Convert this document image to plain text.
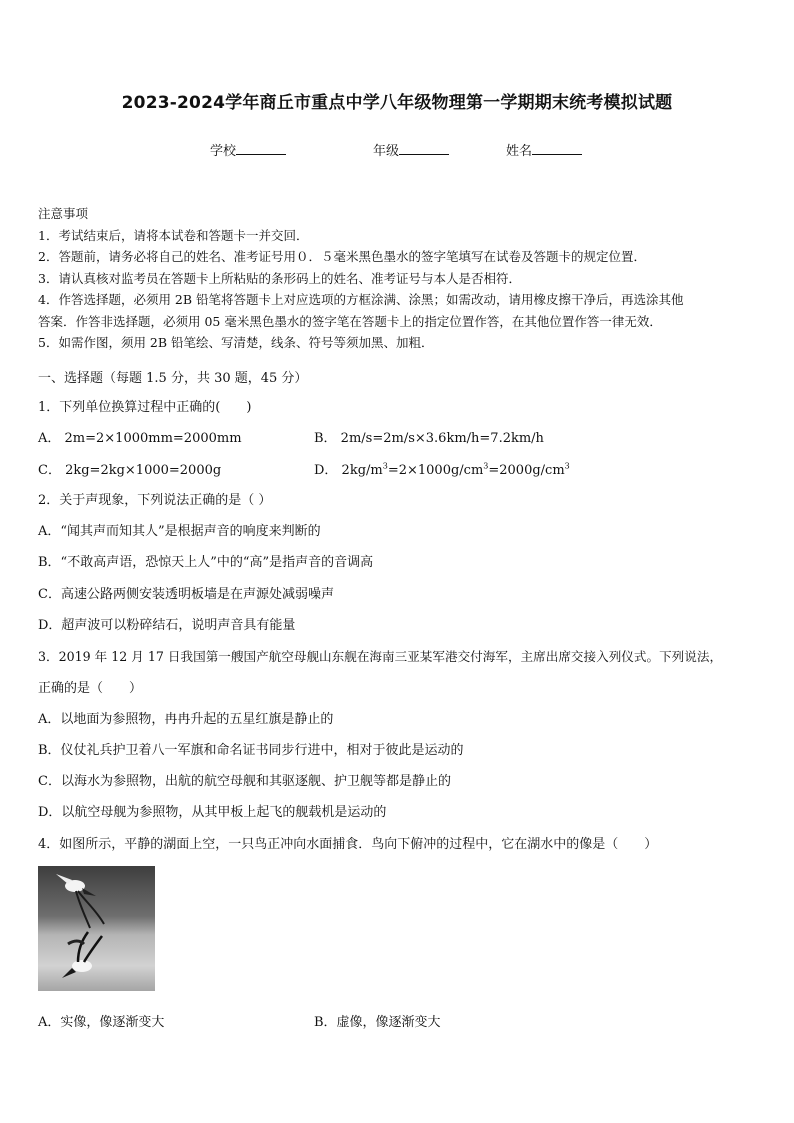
2023-2024学年商丘市重点中学八年级物理第一学期期末统考模拟试题
学校	年级	姓名
注意事项
1．考试结束后，请将本试卷和答题卡一并交回．
2．答题前，请务必将自己的姓名、准考证号用０．５毫米黑色墨水的签字笔填写在试卷及答题卡的规定位置．
3．请认真核对监考员在答题卡上所粘贴的条形码上的姓名、准考证号与本人是否相符．
4．作答选择题，必须用 2B 铅笔将答题卡上对应选项的方框涂满、涂黑；如需改动，请用橡皮擦干净后，再选涂其他
答案．作答非选择题，必须用 05 毫米黑色墨水的签字笔在答题卡上的指定位置作答，在其他位置作答一律无效．
5．如需作图，须用 2B 铅笔绘、写清楚，线条、符号等须加黑、加粗．
一、选择题（每题 1.5 分，共 30 题，45 分）
1．下列单位换算过程中正确的(　　)
A． 2m=2×1000mm=2000mm	B． 2m/s=2m/s×3.6km/h=7.2km/h
C． 2kg=2kg×1000=2000g	D． $2kg/m^3=2\times 1000g/cm^3=2000g/cm^3$
2．关于声现象，下列说法正确的是（ ）
A．“闻其声而知其人”是根据声音的响度来判断的
B．“不敢高声语，恐惊天上人”中的“高”是指声音的音调高
C．高速公路两侧安装透明板墙是在声源处减弱噪声
D．超声波可以粉碎结石，说明声音具有能量
3．2019 年 12 月 17 日我国第一艘国产航空母舰山东舰在海南三亚某军港交付海军，主席出席交接入列仪式。下列说法，
正确的是（　　）
A．以地面为参照物，冉冉升起的五星红旗是静止的
B．仪仗礼兵护卫着八一军旗和命名证书同步行进中，相对于彼此是运动的
C．以海水为参照物，出航的航空母舰和其驱逐舰、护卫舰等都是静止的
D．以航空母舰为参照物，从其甲板上起飞的舰载机是运动的
4．如图所示，平静的湖面上空，一只鸟正冲向水面捕食．鸟向下俯冲的过程中，它在湖水中的像是（　　）
A．实像，像逐渐变大	B．虚像，像逐渐变大
